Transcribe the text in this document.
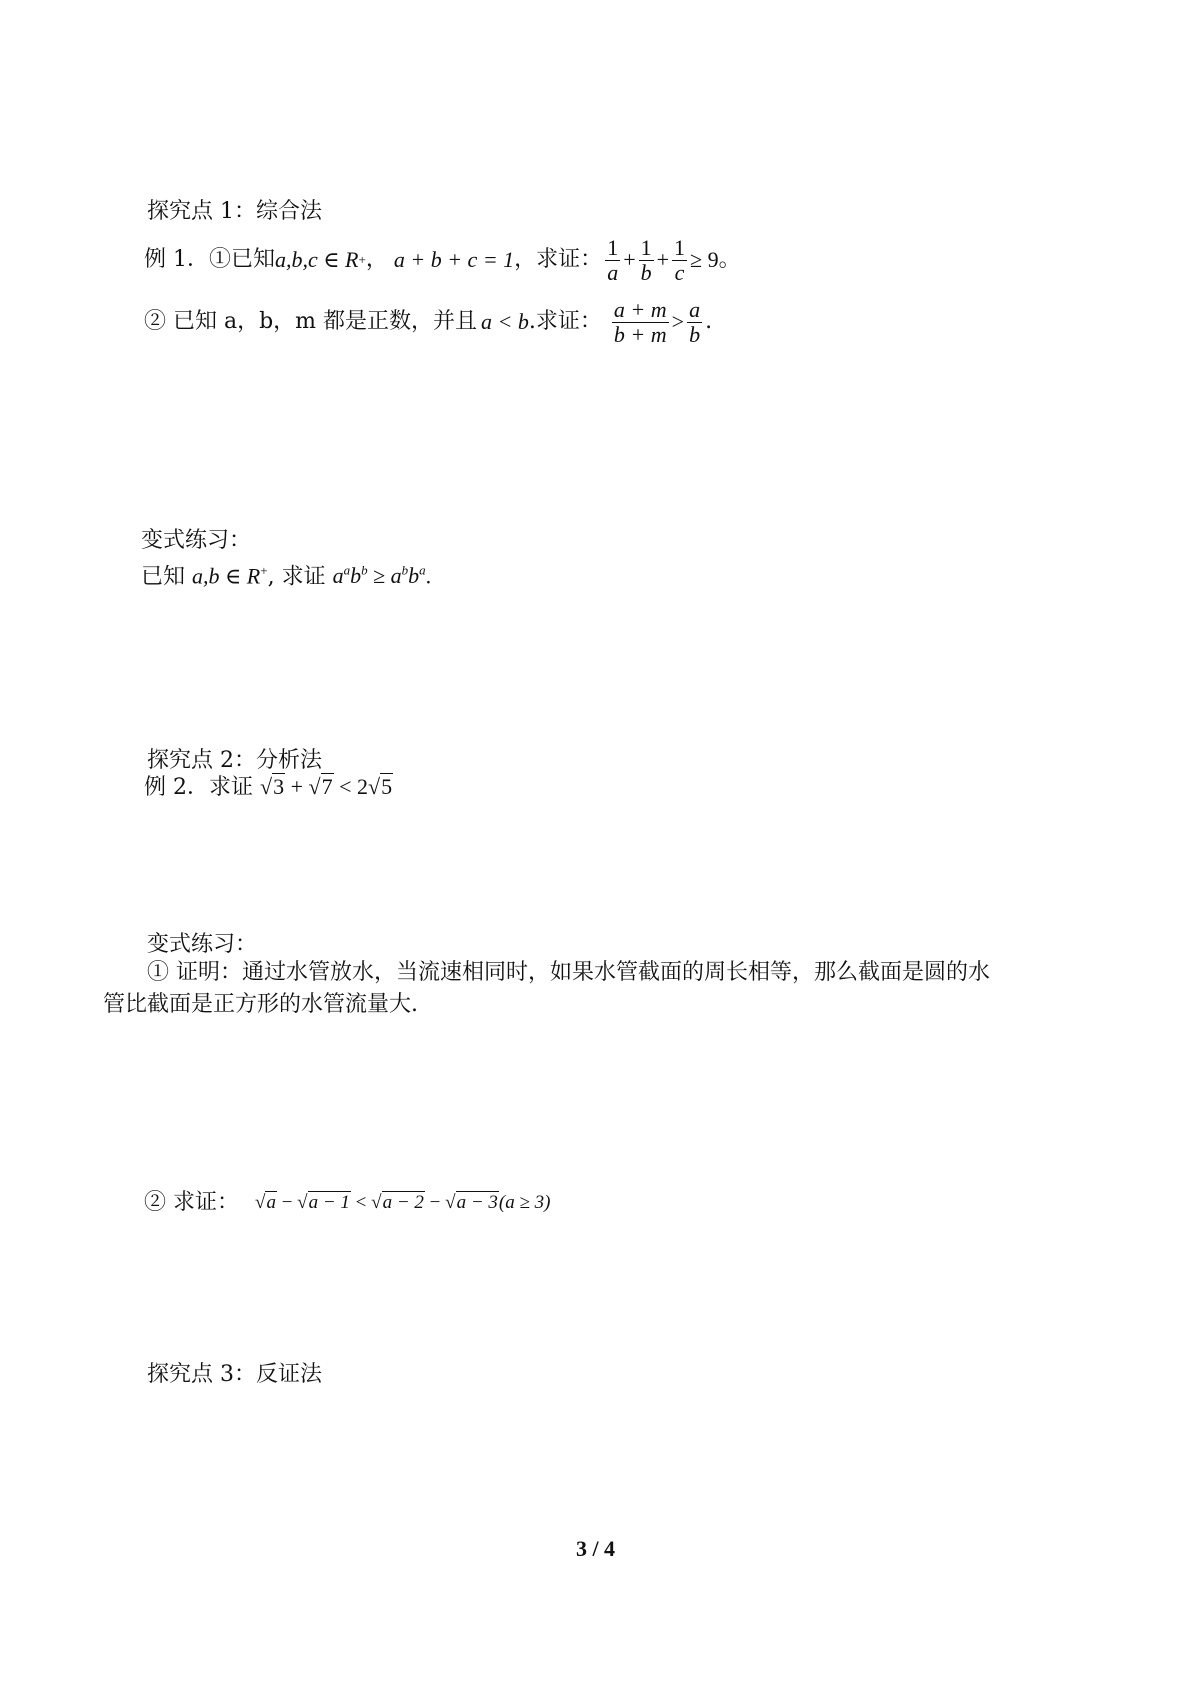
探究点 1：综合法
例 1．①已知 a,b,c ∈ R + ， a + b + c = 1 ，求证： $\frac{1}{a} + \frac{1}{b} + \frac{1}{c} \ge 9$ 。
② 已知 a，b，m 都是正数，并且 a < b .求证： $\frac{a + m}{b + m} > \frac{a}{b}$ .
变式练习：
已知 a,b ∈ R+, 求证 $a^ab^b \ge a^bb^a$.
探究点 2：分析法
例 2．求证 √3 + √7 < 2√5
变式练习：
① 证明：通过水管放水，当流速相同时，如果水管截面的周长相等，那么截面是圆的水
管比截面是正方形的水管流量大.
② 求证： √a − √a − 1 < √a − 2 − √a − 3(a ≥ 3)
探究点 3：反证法
3 / 4
